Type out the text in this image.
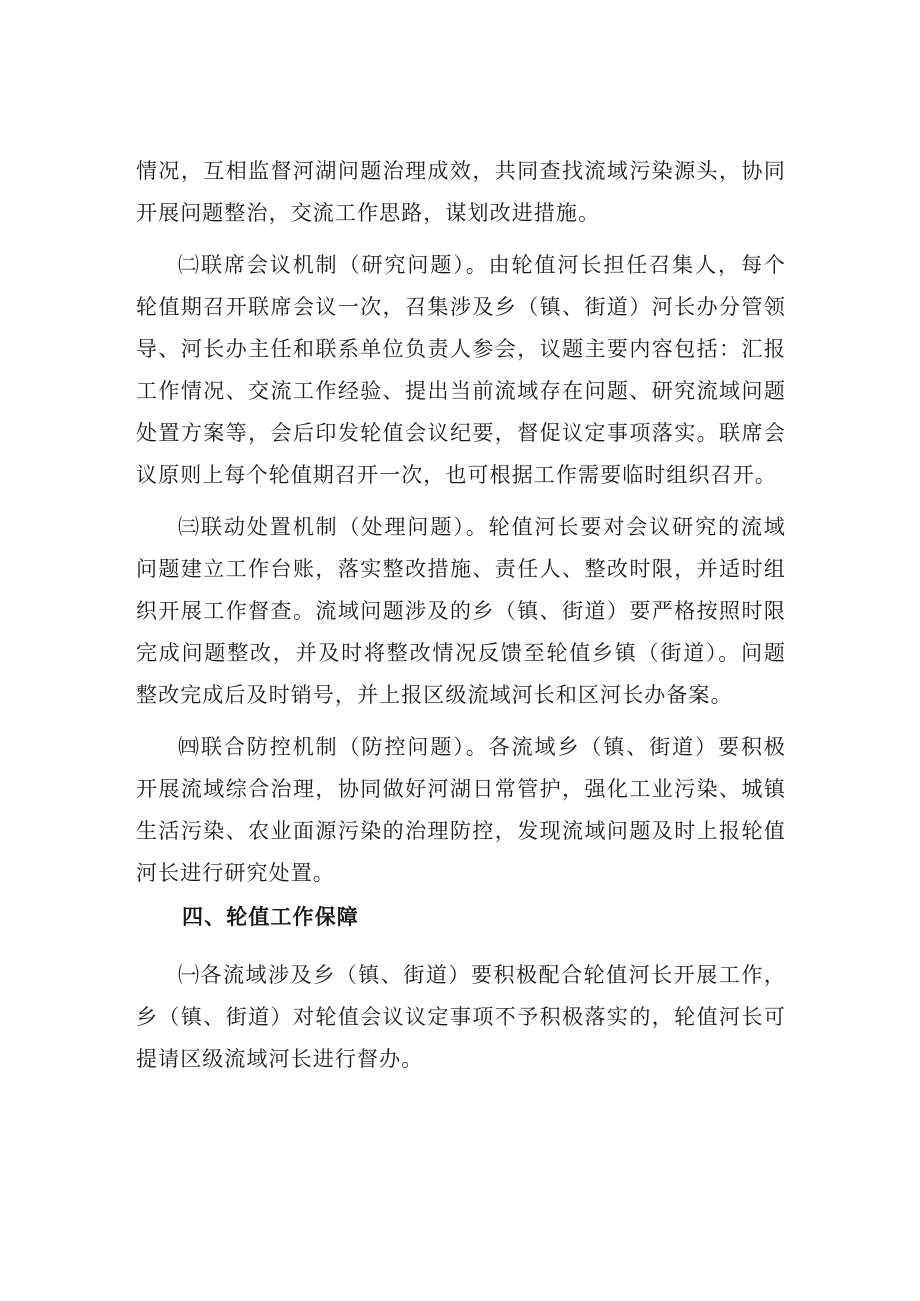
情况，互相监督河湖问题治理成效，共同查找流域污染源头，协同开展问题整治，交流工作思路，谋划改进措施。

㈡联席会议机制（研究问题）。由轮值河长担任召集人，每个轮值期召开联席会议一次，召集涉及乡（镇、街道）河长办分管领导、河长办主任和联系单位负责人参会，议题主要内容包括：汇报工作情况、交流工作经验、提出当前流域存在问题、研究流域问题处置方案等，会后印发轮值会议纪要，督促议定事项落实。联席会议原则上每个轮值期召开一次，也可根据工作需要临时组织召开。

㈢联动处置机制（处理问题）。轮值河长要对会议研究的流域问题建立工作台账，落实整改措施、责任人、整改时限，并适时组织开展工作督查。流域问题涉及的乡（镇、街道）要严格按照时限完成问题整改，并及时将整改情况反馈至轮值乡镇（街道）。问题整改完成后及时销号，并上报区级流域河长和区河长办备案。

㈣联合防控机制（防控问题）。各流域乡（镇、街道）要积极开展流域综合治理，协同做好河湖日常管护，强化工业污染、城镇生活污染、农业面源污染的治理防控，发现流域问题及时上报轮值河长进行研究处置。

四、轮值工作保障

㈠各流域涉及乡（镇、街道）要积极配合轮值河长开展工作，乡（镇、街道）对轮值会议议定事项不予积极落实的，轮值河长可提请区级流域河长进行督办。
